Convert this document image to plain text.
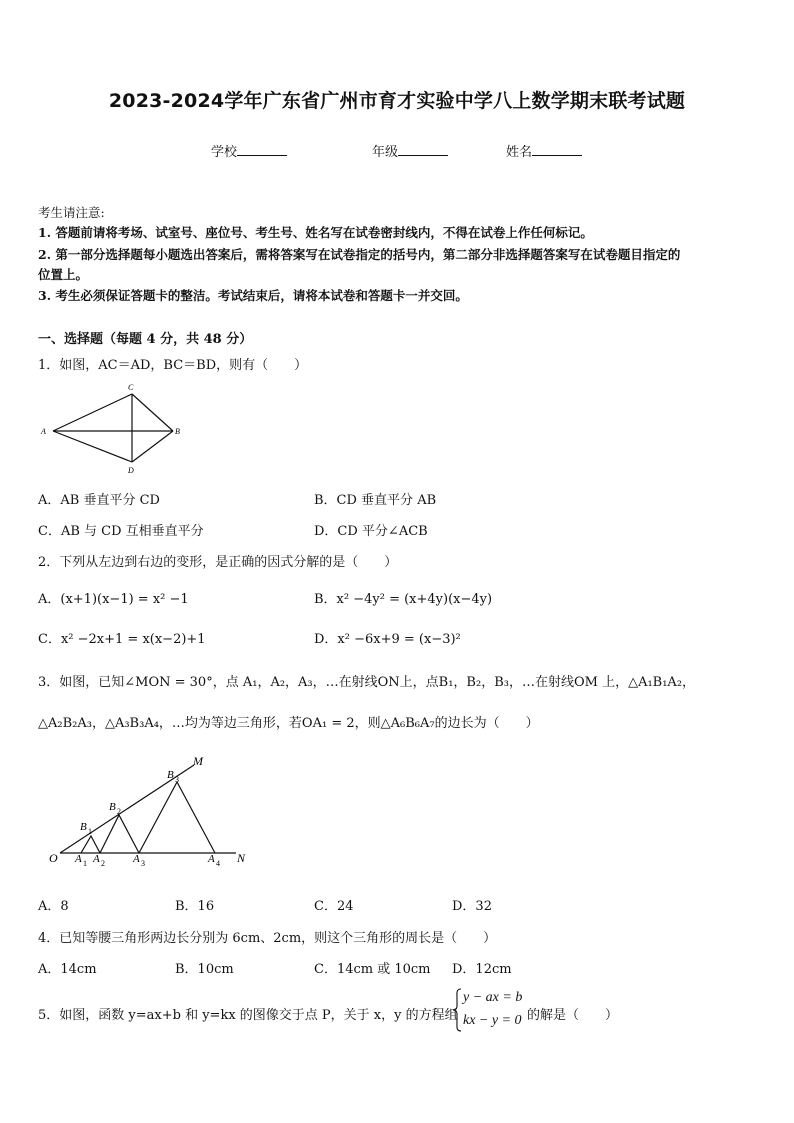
2023-2024学年广东省广州市育才实验中学八上数学期末联考试题
学校	年级	姓名
考生请注意:
1. 答题前请将考场、试室号、座位号、考生号、姓名写在试卷密封线内，不得在试卷上作任何标记。
2. 第一部分选择题每小题选出答案后，需将答案写在试卷指定的括号内，第二部分非选择题答案写在试卷题目指定的
位置上。
3. 考生必须保证答题卡的整洁。考试结束后，请将本试卷和答题卡一并交回。
一、选择题（每题 4 分，共 48 分）
1．如图，AC＝AD，BC＝BD，则有（　　）
A	B
C
D
A．AB 垂直平分 CD	B．CD 垂直平分 AB
C．AB 与 CD 互相垂直平分	D．CD 平分∠ACB
2．下列从左边到右边的变形，是正确的因式分解的是（　　）
A．(x+1)(x−1) = x² −1	B．x² −4y² = (x+4y)(x−4y)
C．x² −2x+1 = x(x−2)+1	D．x² −6x+9 = (x−3)²
3．如图，已知∠MON = 30°，点 A₁，A₂，A₃，…在射线ON上，点B₁，B₂，B₃，…在射线OM 上，△A₁B₁A₂，
△A₂B₂A₃，△A₃B₃A₄，…均为等边三角形，若OA₁ = 2，则△A₆B₆A₇的边长为（　　）
O	N
M
A 1 A 2	A 3	A 4
B 1
B 2
B 3
A．8	B．16	C．24	D．32
4．已知等腰三角形两边长分别为 6cm、2cm，则这个三角形的周长是（　　）
A．14cm	B．10cm	C．14cm 或 10cm D．12cm
5．如图，函数 y=ax+b 和 y=kx 的图像交于点 P，关于 x，y 的方程组
y − ax = b
kx − y = 0 的解是（　　）
